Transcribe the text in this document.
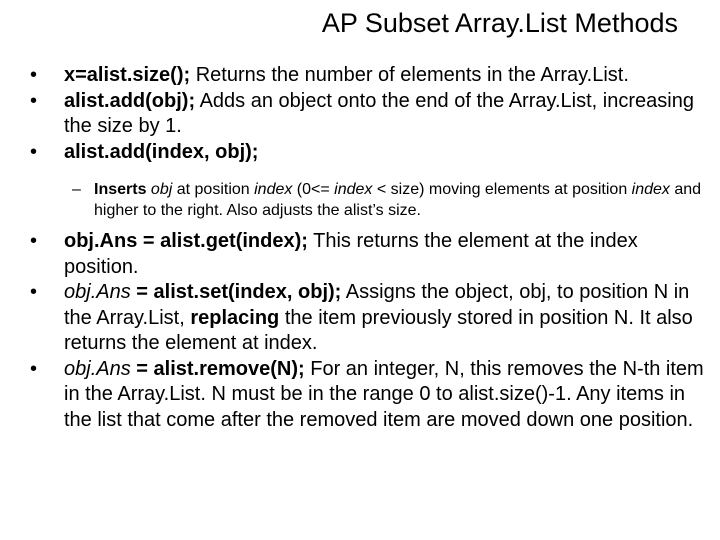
AP Subset Array.List Methods
•	x=alist.size(); Returns the number of elements in the Array.List.
•	alist.add(obj); Adds an object onto the end of the Array.List, increasing the size by 1.
•	alist.add(index, obj);
– Inserts obj at position index (0<= index < size) moving elements at position index and higher to the right. Also adjusts the alist’s size.
•	obj.Ans = alist.get(index); This returns the element at the index position.
•	obj.Ans = alist.set(index, obj); Assigns the object, obj, to position N in the Array.List, replacing the item previously stored in position N. It also returns the element at index.
•	obj.Ans = alist.remove(N); For an integer, N, this removes the N-th item in the Array.List. N must be in the range 0 to alist.size()-1. Any items in the list that come after the removed item are moved down one position.
